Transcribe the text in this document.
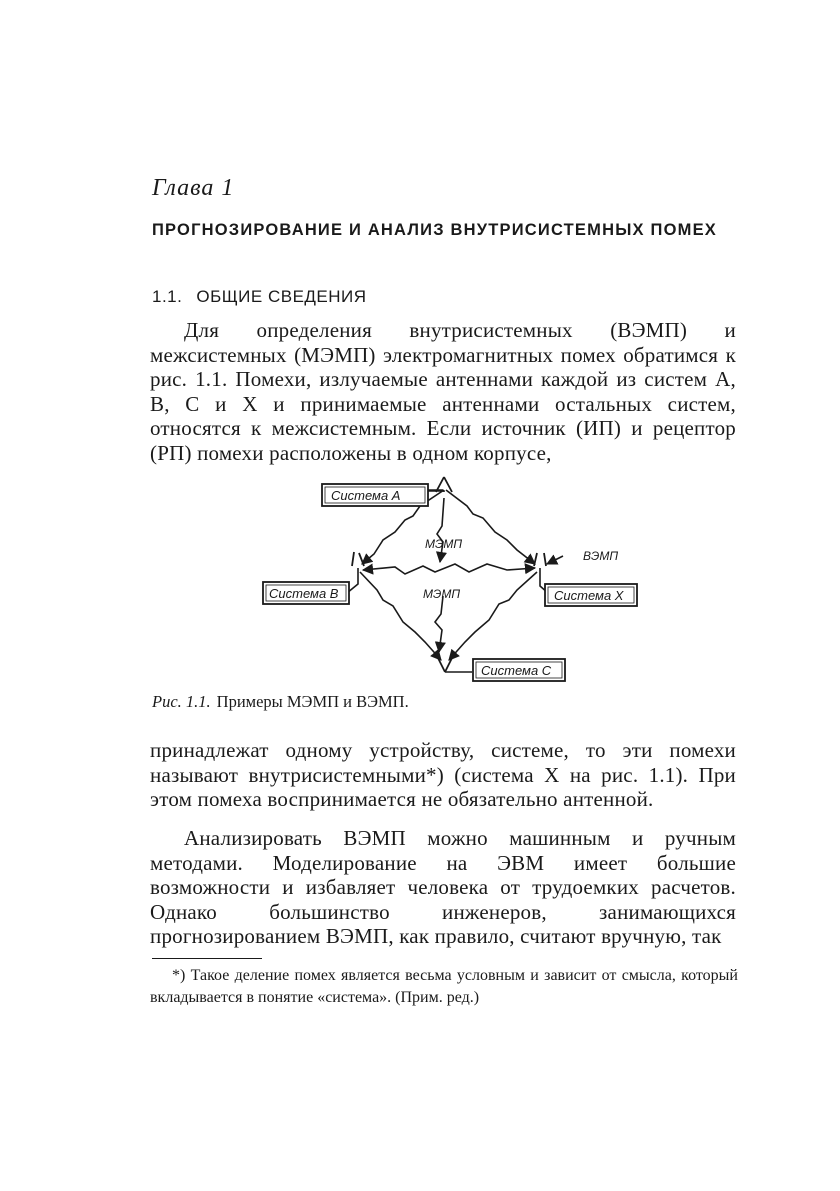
Глава 1
ПРОГНОЗИРОВАНИЕ И АНАЛИЗ ВНУТРИСИСТЕМНЫХ ПОМЕХ
1.1. ОБЩИЕ СВЕДЕНИЯ

Для определения внутрисистемных (ВЭМП) и межсистемных (МЭМП) электромагнитных помех обратимся к рис. 1.1. Помехи, излучаемые антеннами каждой из систем A, B, C и X и принимаемые антеннами остальных систем, относятся к межсистемным. Если источник (ИП) и рецептор (РП) помехи расположены в одном корпусе,

Система A
Система B	Система X
Система C
МЭМП
МЭМП
ВЭМП
Рис. 1.1. Примеры МЭМП и ВЭМП.

принадлежат одному устройству, системе, то эти помехи называют внутрисистемными*) (система X на рис. 1.1). При этом помеха воспринимается не обязательно антенной.

Анализировать ВЭМП можно машинным и ручным методами. Моделирование на ЭВМ имеет большие возможности и избавляет человека от трудоемких расчетов. Однако большинство инженеров, занимающихся прогнозированием ВЭМП, как правило, считают вручную, так

*) Такое деление помех является весьма условным и зависит от смысла, который вкладывается в понятие «система». (Прим. ред.)
